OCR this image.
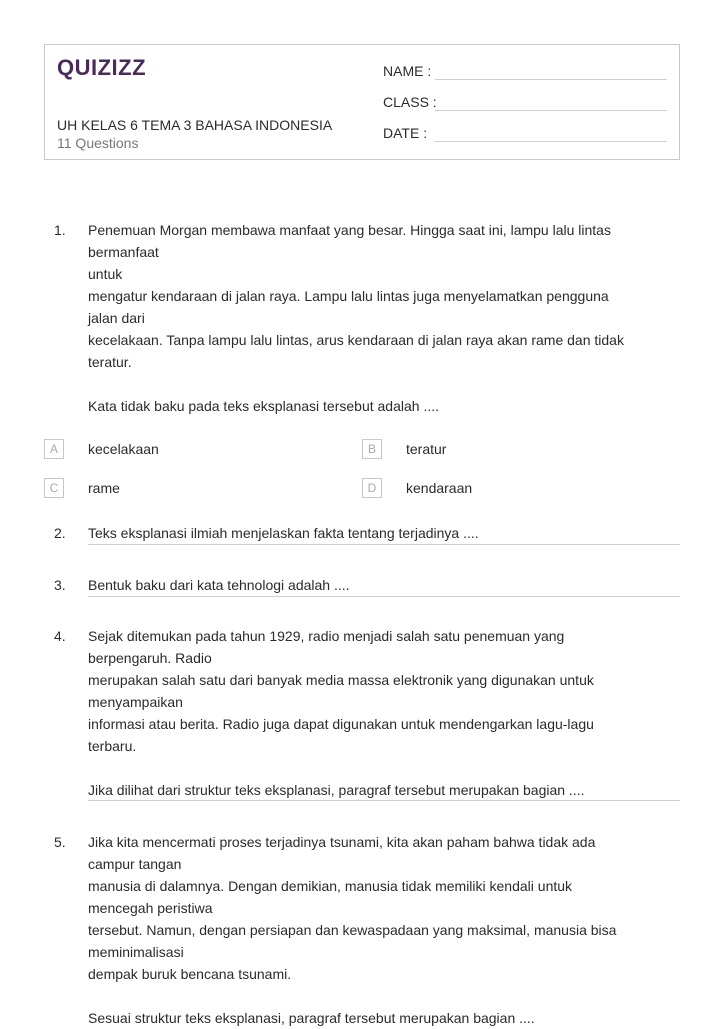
QUIZIZZ
UH KELAS 6 TEMA 3 BAHASA INDONESIA
11 Questions
NAME :
CLASS :
DATE :
1. Penemuan Morgan membawa manfaat yang besar. Hingga saat ini, lampu lalu lintas

bermanfaat

untuk

mengatur kendaraan di jalan raya. Lampu lalu lintas juga menyelamatkan pengguna

jalan dari

kecelakaan. Tanpa lampu lalu lintas, arus kendaraan di jalan raya akan rame dan tidak

teratur.

Kata tidak baku pada teks eksplanasi tersebut adalah ....

A	kecelakaan	B	teratur
C	rame	D	kendaraan
2. Teks eksplanasi ilmiah menjelaskan fakta tentang terjadinya ....

3. Bentuk baku dari kata tehnologi adalah ....

4. Sejak ditemukan pada tahun 1929, radio menjadi salah satu penemuan yang

berpengaruh. Radio

merupakan salah satu dari banyak media massa elektronik yang digunakan untuk

menyampaikan

informasi atau berita. Radio juga dapat digunakan untuk mendengarkan lagu-lagu

terbaru.

Jika dilihat dari struktur teks eksplanasi, paragraf tersebut merupakan bagian ....

5. Jika kita mencermati proses terjadinya tsunami, kita akan paham bahwa tidak ada

campur tangan

manusia di dalamnya. Dengan demikian, manusia tidak memiliki kendali untuk

mencegah peristiwa

tersebut. Namun, dengan persiapan dan kewaspadaan yang maksimal, manusia bisa

meminimalisasi

dempak buruk bencana tsunami.

Sesuai struktur teks eksplanasi, paragraf tersebut merupakan bagian ....
